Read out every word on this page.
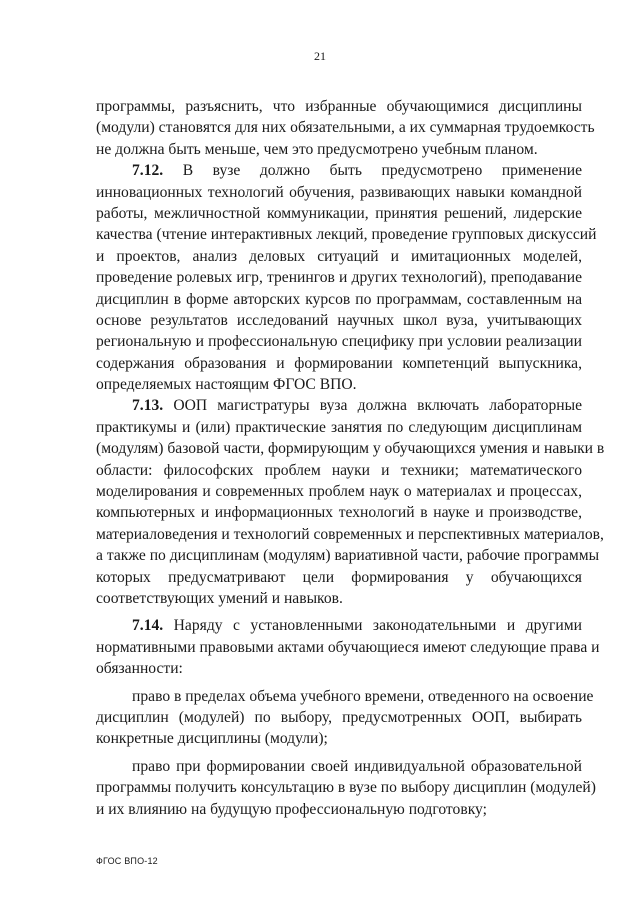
21
программы, разъяснить, что избранные обучающимися дисциплины
(модули) становятся для них обязательными, а их суммарная трудоемкость
не должна быть меньше, чем это предусмотрено учебным планом.
7.12. В вузе должно быть предусмотрено применение
инновационных технологий обучения, развивающих навыки командной
работы, межличностной коммуникации, принятия решений, лидерские
качества (чтение интерактивных лекций, проведение групповых дискуссий
и проектов, анализ деловых ситуаций и имитационных моделей,
проведение ролевых игр, тренингов и других технологий), преподавание
дисциплин в форме авторских курсов по программам, составленным на
основе результатов исследований научных школ вуза, учитывающих
региональную и профессиональную специфику при условии реализации
содержания образования и формировании компетенций выпускника,
определяемых настоящим ФГОС ВПО.
7.13. ООП магистратуры вуза должна включать лабораторные
практикумы и (или) практические занятия по следующим дисциплинам
(модулям) базовой части, формирующим у обучающихся умения и навыки в
области: философских проблем науки и техники; математического
моделирования и современных проблем наук о материалах и процессах,
компьютерных и информационных технологий в науке и производстве,
материаловедения и технологий современных и перспективных материалов,
а также по дисциплинам (модулям) вариативной части, рабочие программы
которых предусматривают цели формирования у обучающихся
соответствующих умений и навыков.
7.14. Наряду с установленными законодательными и другими
нормативными правовыми актами обучающиеся имеют следующие права и
обязанности:
право в пределах объема учебного времени, отведенного на освоение
дисциплин (модулей) по выбору, предусмотренных ООП, выбирать
конкретные дисциплины (модули);
право при формировании своей индивидуальной образовательной
программы получить консультацию в вузе по выбору дисциплин (модулей)
и их влиянию на будущую профессиональную подготовку;
ФГОС ВПО-12
